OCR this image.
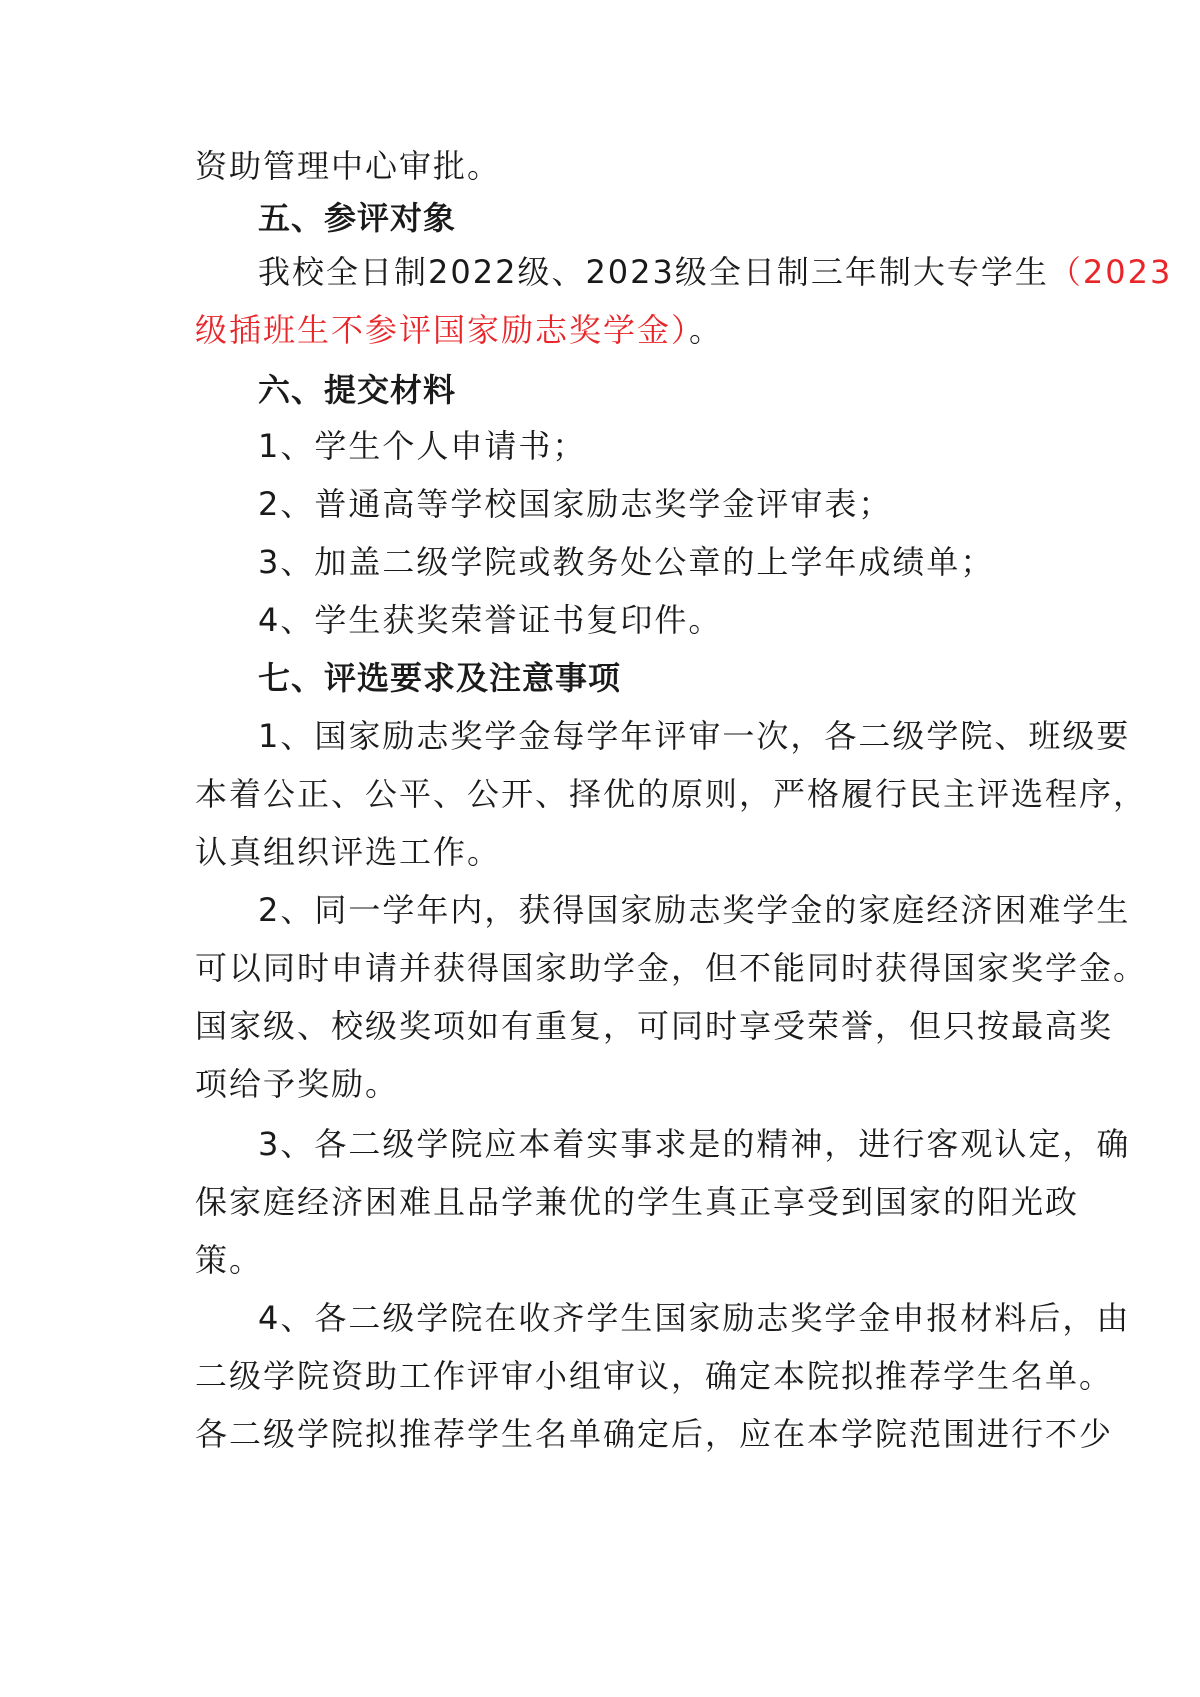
资助管理中心审批。
五、参评对象
我校全日制2022级、2023级全日制三年制大专学生（2023
级插班生不参评国家励志奖学金）。
六、提交材料
1、学生个人申请书；
2、普通高等学校国家励志奖学金评审表；
3、加盖二级学院或教务处公章的上学年成绩单；
4、学生获奖荣誉证书复印件。
七、评选要求及注意事项
1、国家励志奖学金每学年评审一次，各二级学院、班级要
本着公正、公平、公开、择优的原则，严格履行民主评选程序，
认真组织评选工作。
2、同一学年内，获得国家励志奖学金的家庭经济困难学生
可以同时申请并获得国家助学金，但不能同时获得国家奖学金。
国家级、校级奖项如有重复，可同时享受荣誉，但只按最高奖
项给予奖励。
3、各二级学院应本着实事求是的精神，进行客观认定，确
保家庭经济困难且品学兼优的学生真正享受到国家的阳光政
策。
4、各二级学院在收齐学生国家励志奖学金申报材料后，由
二级学院资助工作评审小组审议，确定本院拟推荐学生名单。
各二级学院拟推荐学生名单确定后，应在本学院范围进行不少
